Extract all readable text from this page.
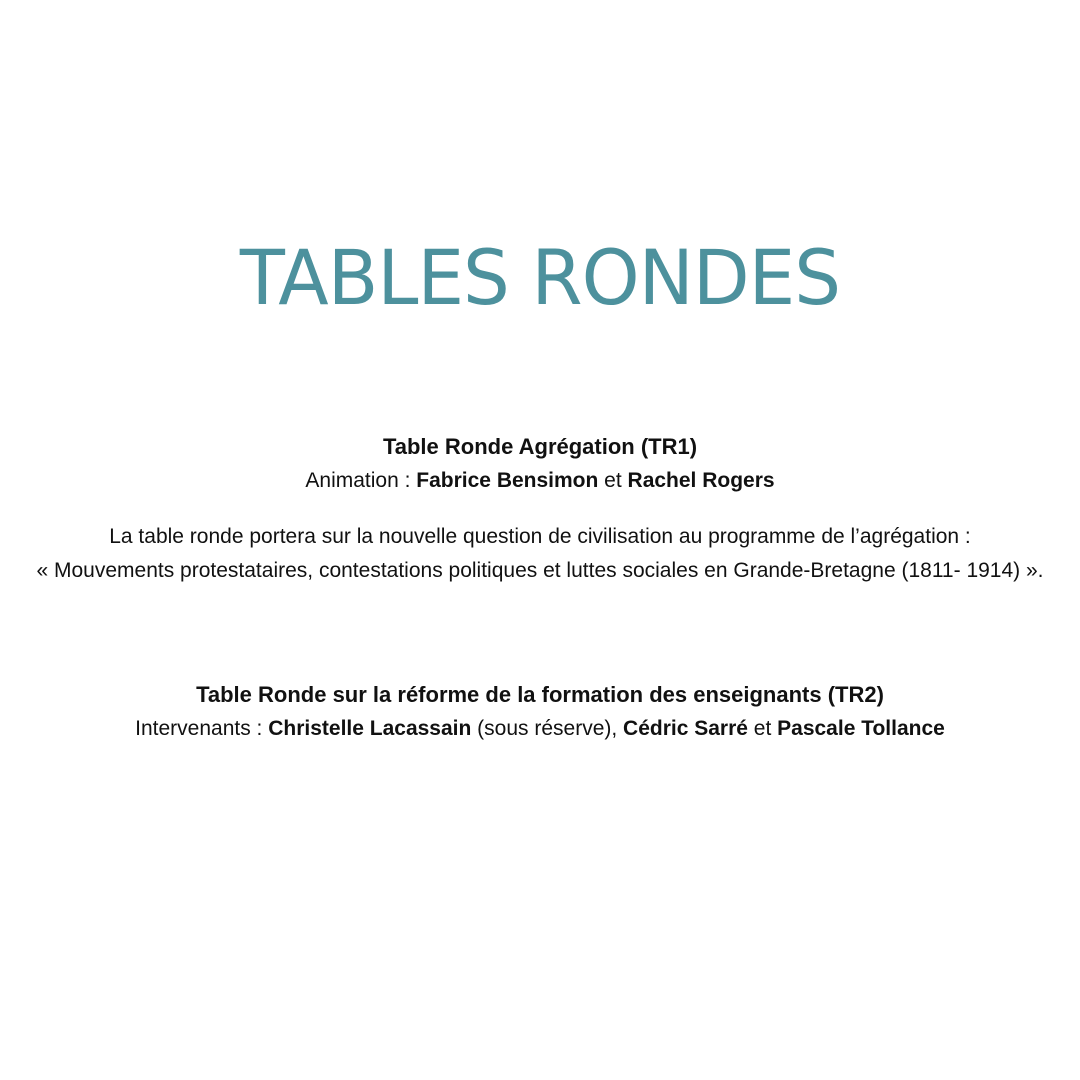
TABLES RONDES
Table Ronde Agrégation (TR1)
Animation : Fabrice Bensimon et Rachel Rogers
La table ronde portera sur la nouvelle question de civilisation au programme de l’agrégation :
« Mouvements protestataires, contestations politiques et luttes sociales en Grande-Bretagne (1811- 1914) ».
Table Ronde sur la réforme de la formation des enseignants (TR2)
Intervenants : Christelle Lacassain (sous réserve), Cédric Sarré et Pascale Tollance
